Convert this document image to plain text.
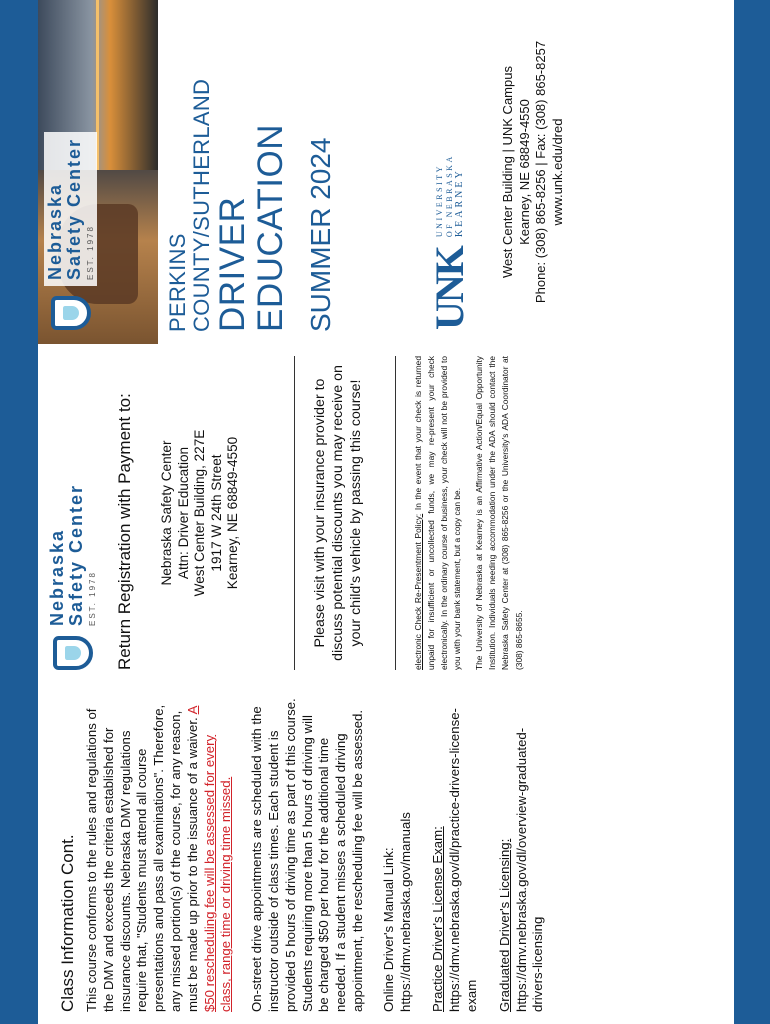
Class Information Cont. This course conforms to the rules and regulations of the DMV and exceeds the criteria established for insurance discounts. Nebraska DMV regulations require that, "Students must attend all course presentations and pass all examinations". Therefore, any missed portion(s) of the course, for any reason, must be made up prior to the issuance of a waiver. A $50 rescheduling fee will be assessed for every class, range time or driving time missed. On-street drive appointments are scheduled with the instructor outside of class times. Each student is provided 5 hours of driving time as part of this course. Students requiring more than 5 hours of driving will be charged $50 per hour for the additional time needed. If a student misses a scheduled driving appointment, the rescheduling fee will be assessed. Online Driver's Manual Link: https://dmv.nebraska.gov/manuals Practice Driver's License Exam: https://dmv.nebraska.gov/dl/practice-drivers-license-exam Graduated Driver's Licensing: https://dmv.nebraska.gov/dl/overview-graduated-drivers-licensing
Nebraska Safety Center EST. 1978 Return Registration with Payment to: Nebraska Safety Center Attn: Driver Education West Center Building, 227E 1917 W 24th Street Kearney, NE 68849-4550	Please visit with your insurance provider to discuss potential discounts you may receive on your child's vehicle by passing this course!	electronic Check Re-Presentment Policy: In the event that your check is returned unpaid for insufficient or uncollected funds, we may re-present your check electronically. In the ordinary course of business, your check will not be provided to you with your bank statement, but a copy can be. The University of Nebraska at Kearney is an Affirmative Action/Equal Opportunity Institution. Individuals needing accommodation under the ADA should contact the Nebraska Safety Center at (308) 865-8256 or the University's ADA Coordinator at (308) 865-8655.

Nebraska Safety Center EST. 1978	PERKINS COUNTY/SUTHERLAND DRIVER EDUCATION SUMMER 2024 UNK
UNIVERSITY OF NEBRASKA KEARNEY	West Center Building | UNK Campus Kearney, NE 68849-4550 Phone: (308) 865-8256 | Fax: (308) 865-8257 www.unk.edu/dred
